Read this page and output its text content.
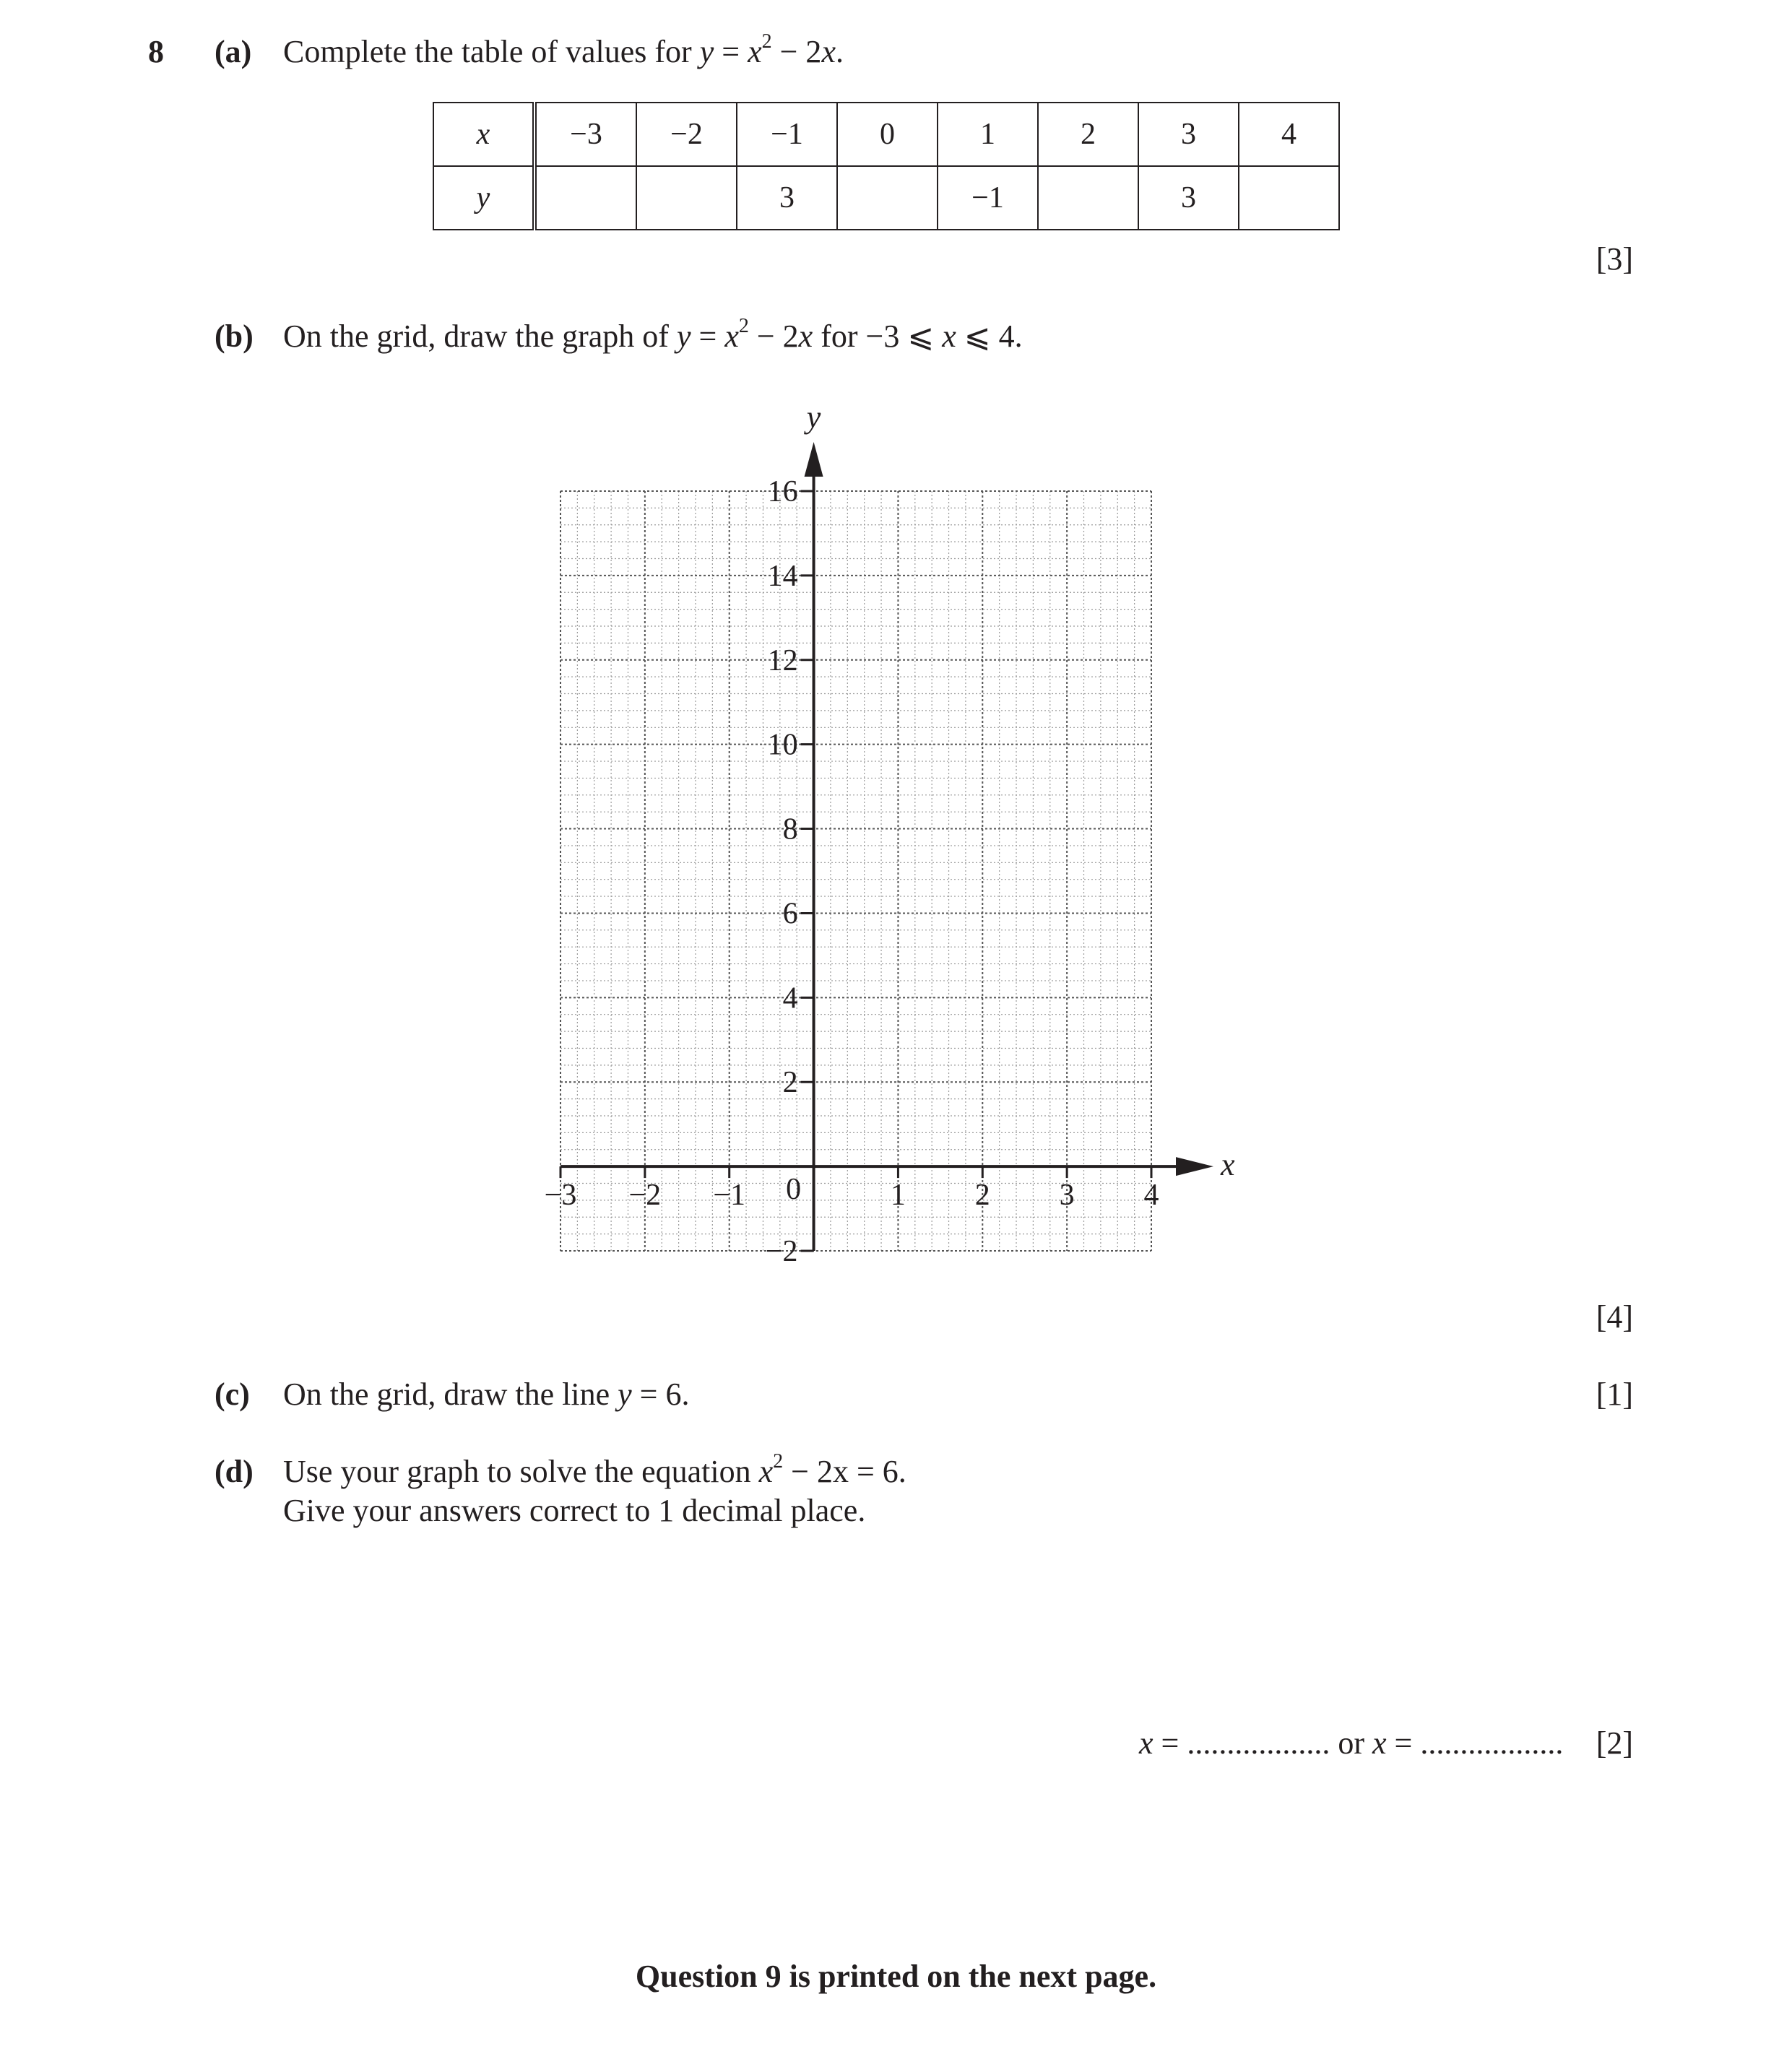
8 (a) Complete the table of values for $y = x^2 - 2x$.
x	−3	−2	−1	0	1	2	3	4
y			3		−1		3	
[3]
(b) On the grid, draw the graph of $y = x^2 - 2x$ for −3 ⩽ x ⩽ 4.
−3 −2 −1	1 2 3 4
−2
2
4
6
8
10
12
14
16
0
x
y
[4]
(c) On the grid, draw the line y = 6.	[1]
(d) Use your graph to solve the equation $x^2 - 2x = 6$.
Give your answers correct to 1 decimal place.
x = .................. or x = .................. [2]
Question 9 is printed on the next page.
